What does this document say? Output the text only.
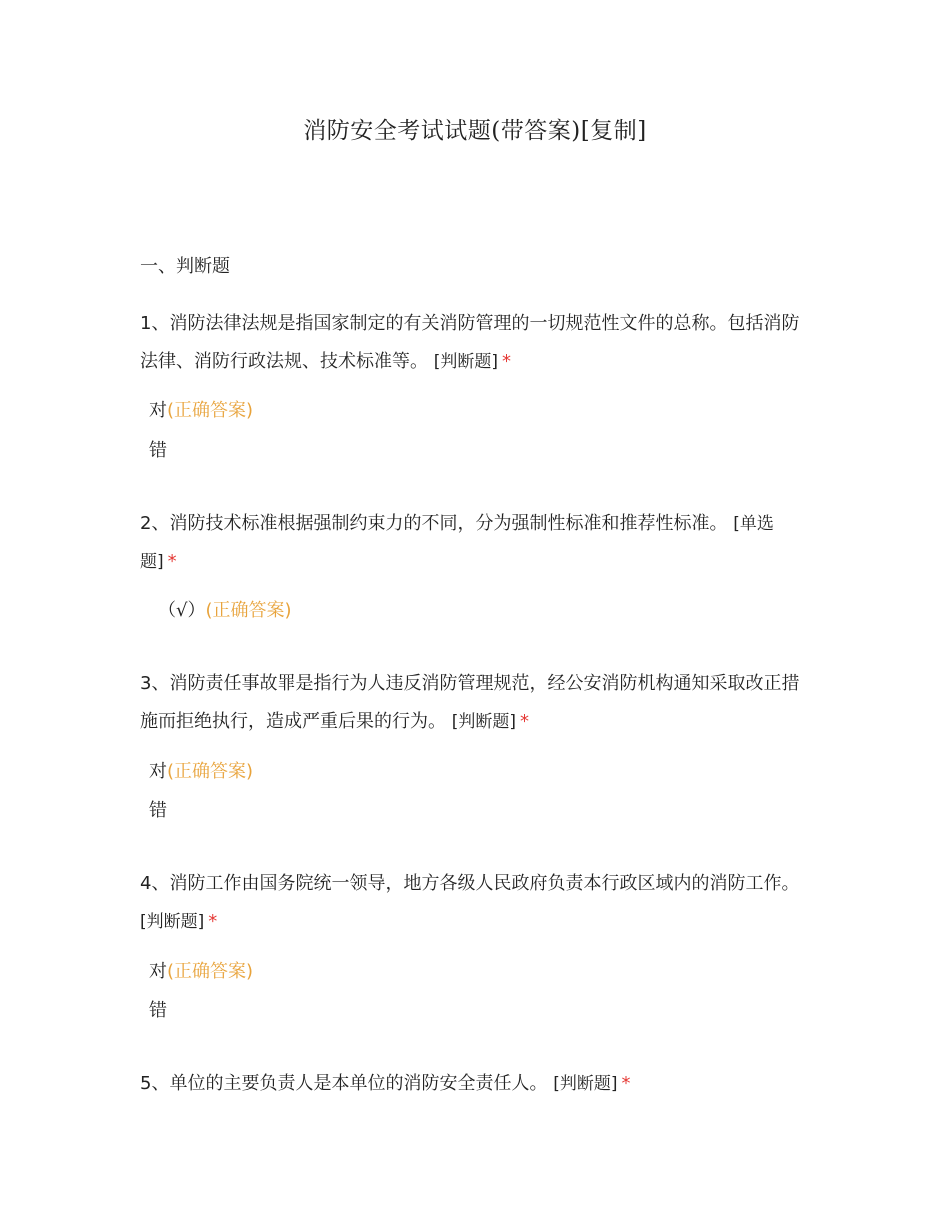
消防安全考试试题(带答案)[复制]
一、判断题
1、消防法律法规是指国家制定的有关消防管理的一切规范性文件的总称。包括消防法律、消防行政法规、技术标准等。 [判断题] *
对(正确答案)
错
2、消防技术标准根据强制约束力的不同，分为强制性标准和推荐性标准。 [单选题] *
（√）(正确答案)
3、消防责任事故罪是指行为人违反消防管理规范，经公安消防机构通知采取改正措施而拒绝执行，造成严重后果的行为。 [判断题] *
对(正确答案)
错
4、消防工作由国务院统一领导，地方各级人民政府负责本行政区域内的消防工作。 [判断题] *
对(正确答案)
错
5、单位的主要负责人是本单位的消防安全责任人。 [判断题] *
